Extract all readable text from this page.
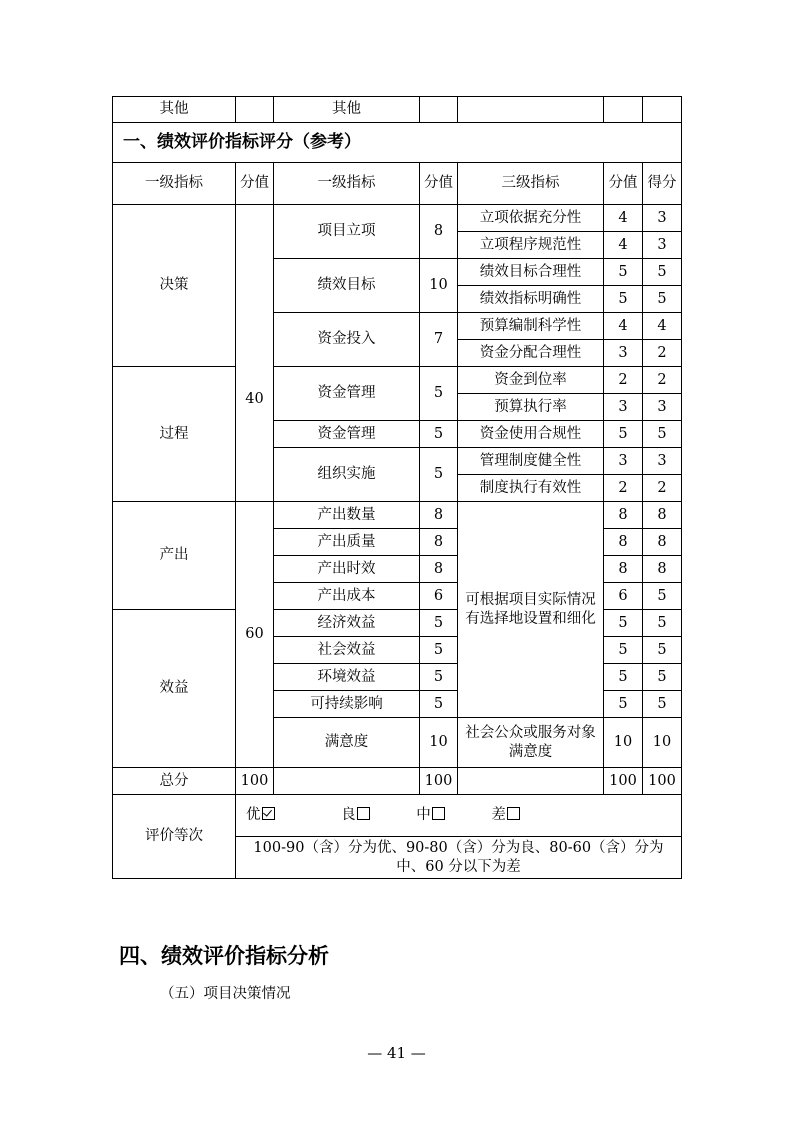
其他		其他				
一、绩效评价指标评分（参考）						
一级指标	分值	一级指标	分值	三级指标	分值	得分
决策	40	项目立项	8	立项依据充分性	4	3
				立项程序规范性	4	3
		绩效目标	10	绩效目标合理性	5	5
				绩效指标明确性	5	5
		资金投入	7	预算编制科学性	4	4
				资金分配合理性	3	2
过程		资金管理	5	资金到位率	2	2
				预算执行率	3	3
		资金管理	5	资金使用合规性	5	5
		组织实施	5	管理制度健全性	3	3
				制度执行有效性	2	2
产出	60	产出数量	8	可根据项目实际情况有选择地设置和细化	8	8
		产出质量	8		8	8
		产出时效	8		8	8
		产出成本	6		6	5
效益		经济效益	5		5	5
		社会效益	5		5	5
		环境效益	5		5	5
		可持续影响	5		5	5
		满意度	10	社会公众或服务对象满意度	10	10
总分	100		100		100	100
评价等次	优 良 中 差					
	100-90（含）分为优、90-80（含）分为良、80-60（含）分为中、60 分以下为差					
四、绩效评价指标分析
（五）项目决策情况
— 41 —
